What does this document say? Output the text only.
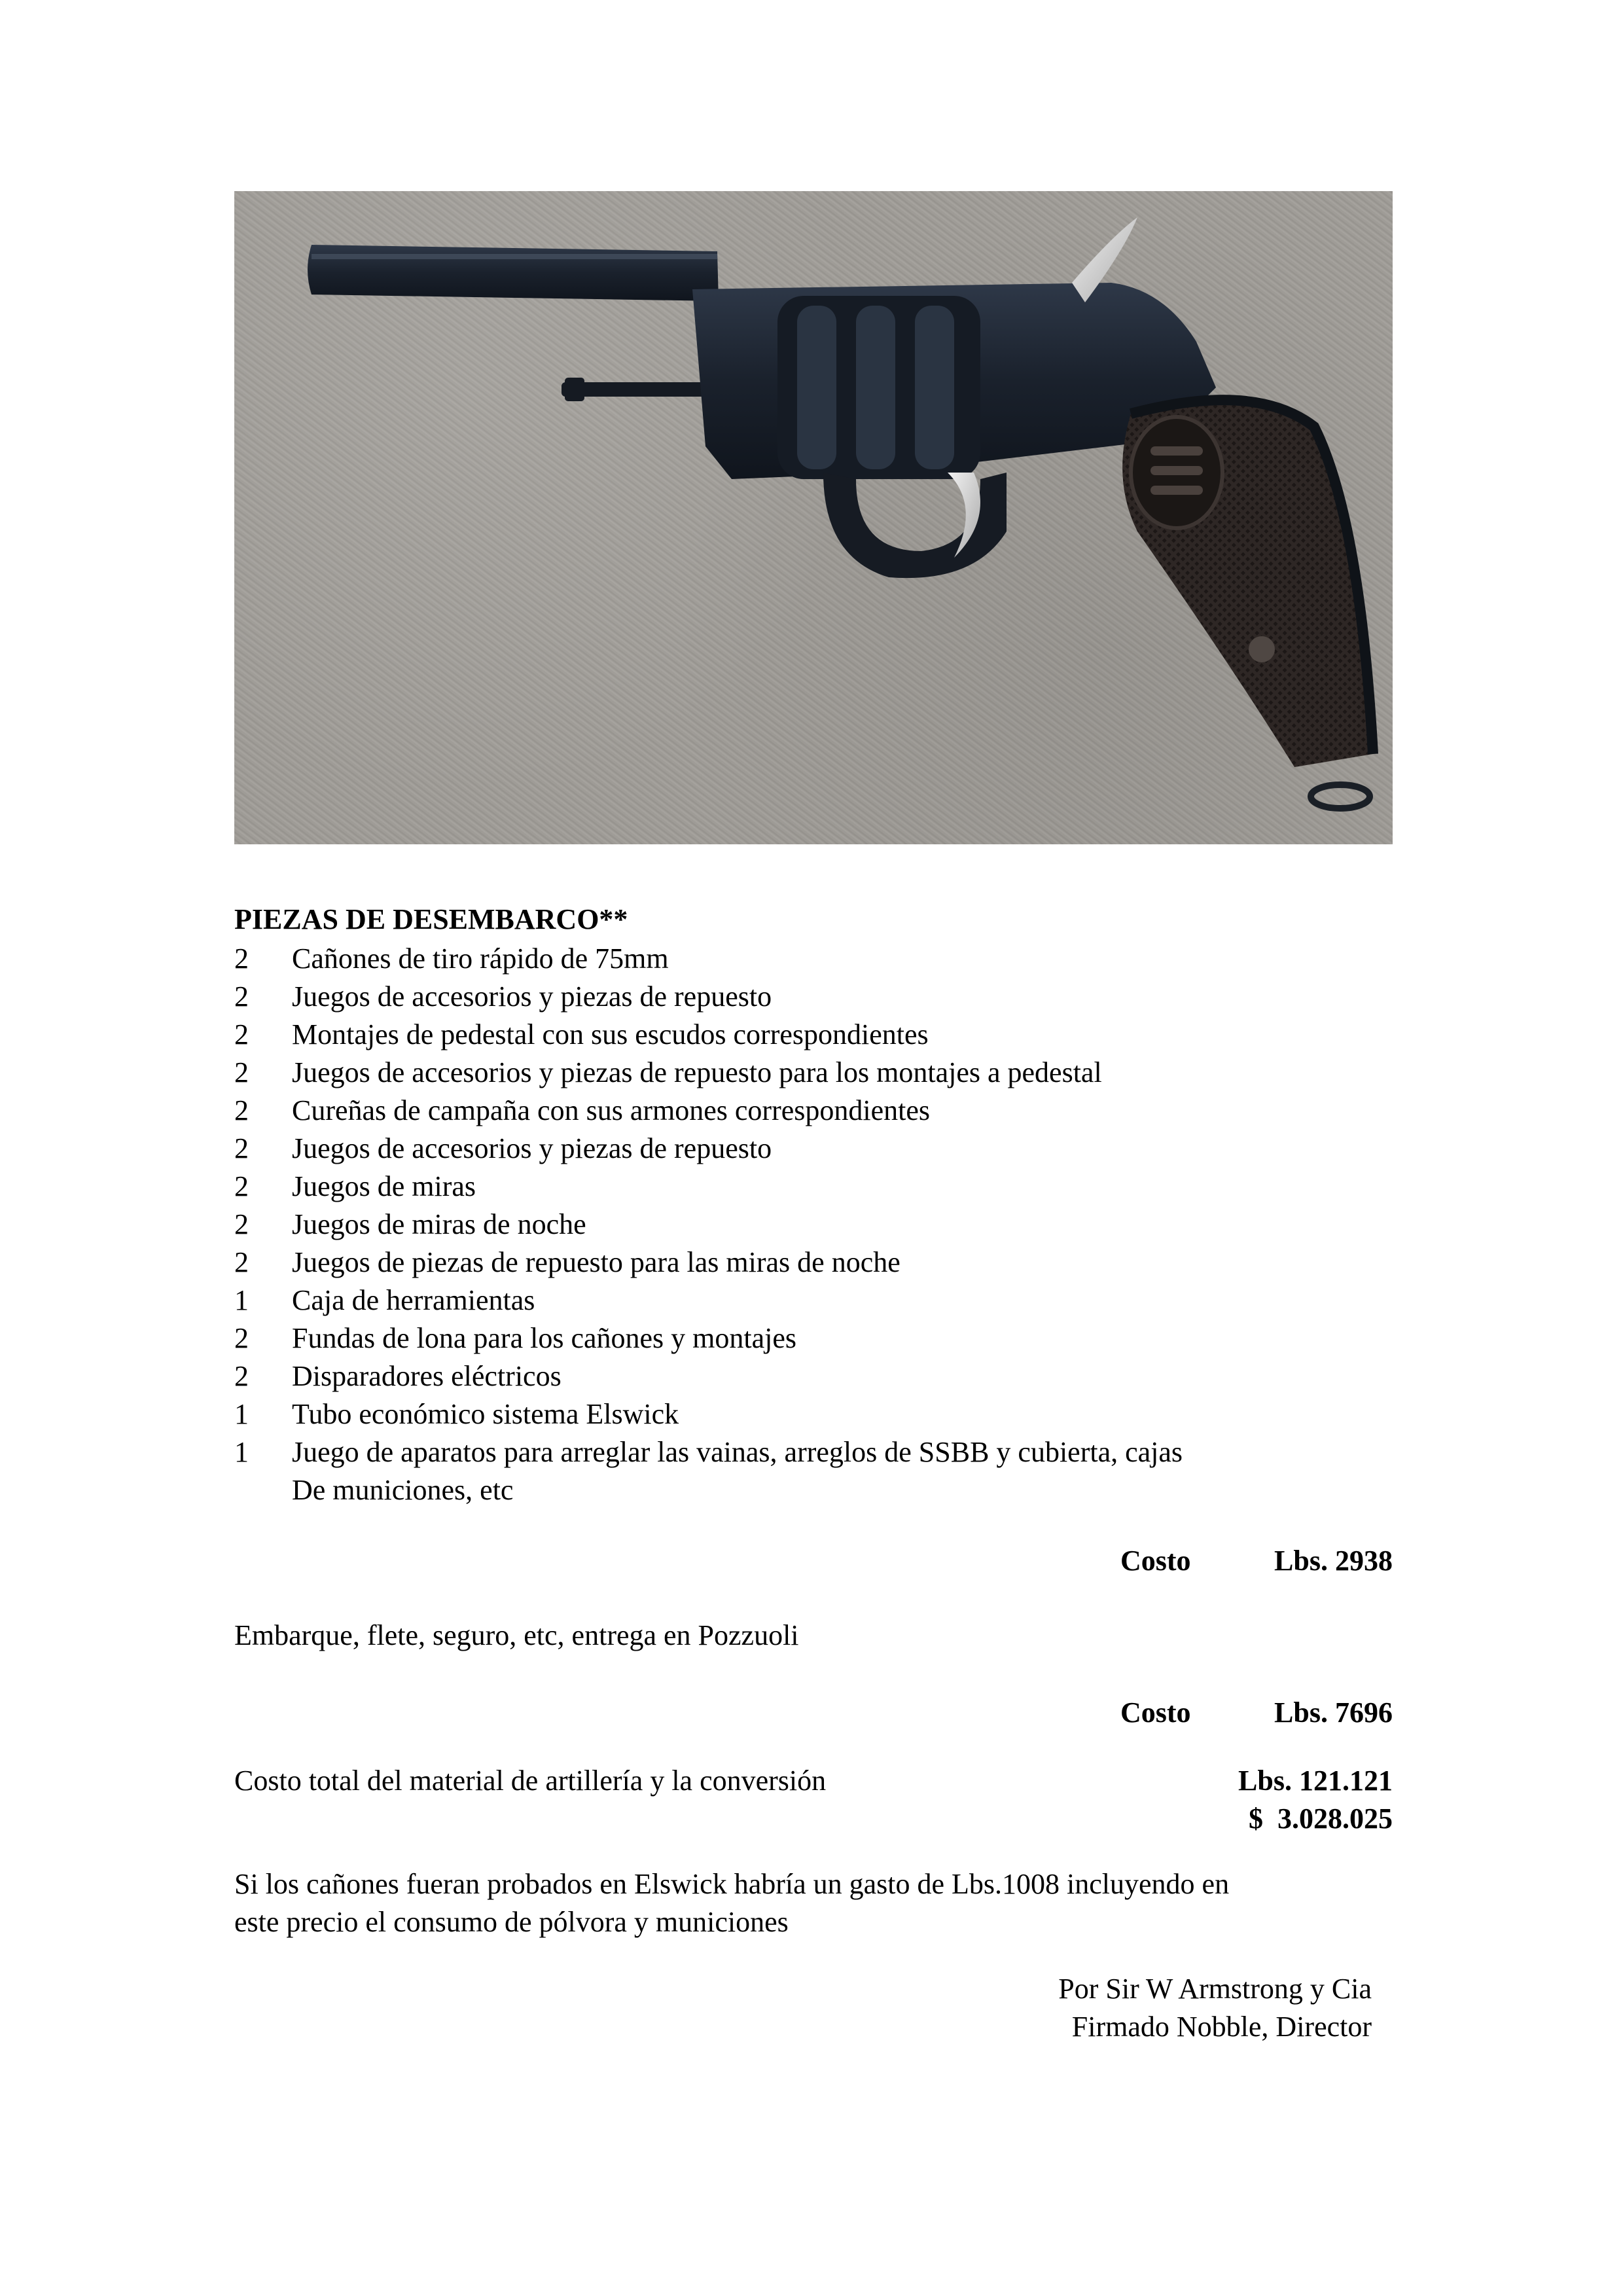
PIEZAS DE DESEMBARCO**
2 Cañones de tiro rápido de 75mm
2 Juegos de accesorios y piezas de repuesto
2 Montajes de pedestal con sus escudos correspondientes
2 Juegos de accesorios y piezas de repuesto para los montajes a pedestal
2 Cureñas de campaña con sus armones correspondientes
2 Juegos de accesorios y piezas de repuesto
2 Juegos de miras
2 Juegos de miras de noche
2 Juegos de piezas de repuesto para las miras de noche
1 Caja de herramientas
2 Fundas de lona para los cañones y montajes
2 Disparadores eléctricos
1 Tubo económico sistema Elswick
1 Juego de aparatos para arreglar las vainas, arreglos de SSBB y cubierta, cajas
De municiones, etc
Costo	Lbs. 2938
Embarque, flete, seguro, etc, entrega en Pozzuoli
Costo	Lbs. 7696
Costo total del material de artillería y la conversión	Lbs. 121.121
$  3.028.025
Si los cañones fueran probados en Elswick habría un gasto de Lbs.1008 incluyendo en
este precio el consumo de pólvora y municiones
Por Sir W Armstrong y Cia
Firmado Nobble, Director
